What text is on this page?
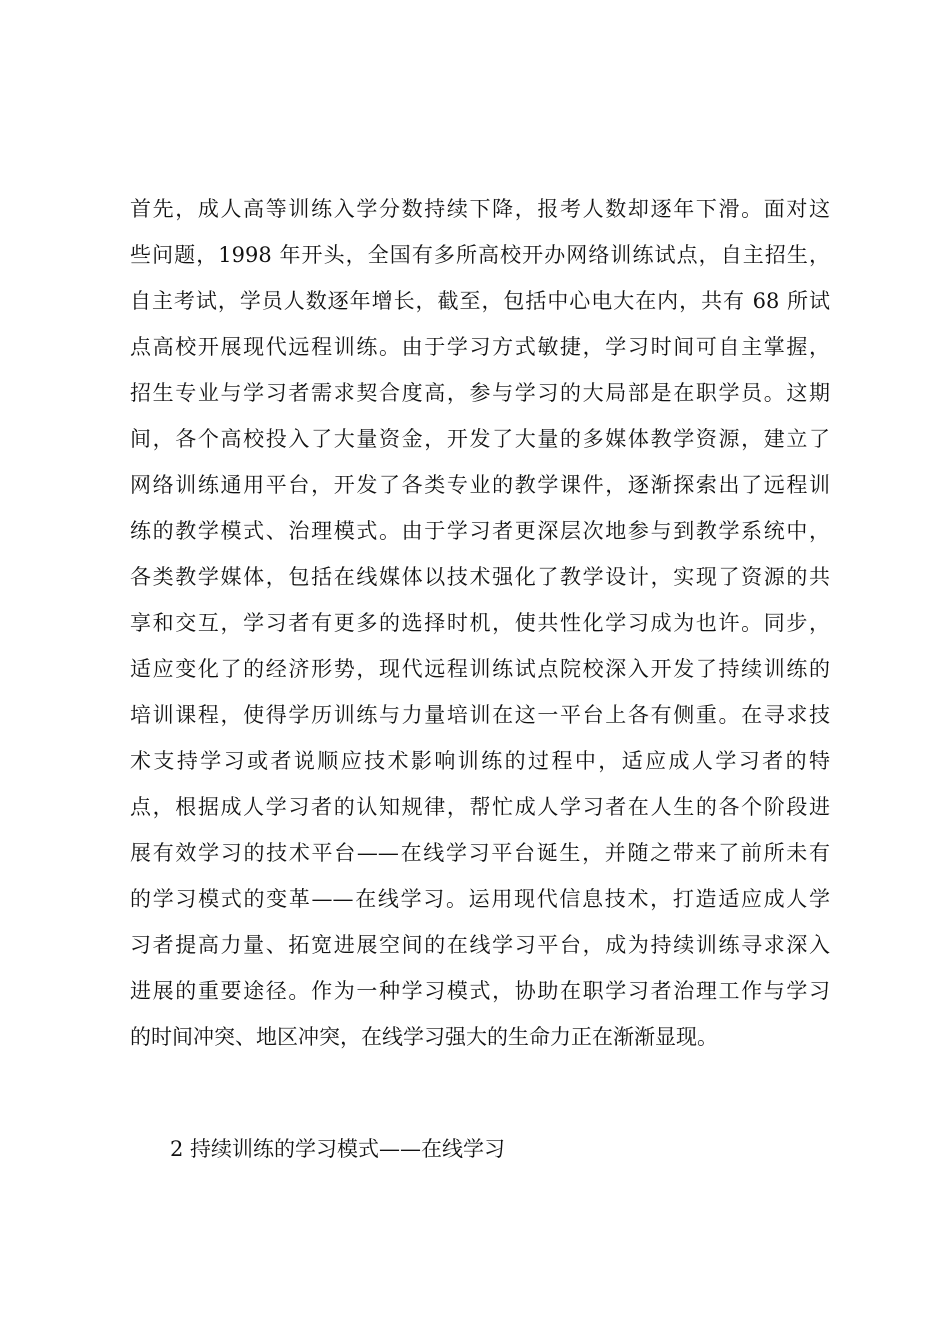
首先，成人高等训练入学分数持续下降，报考人数却逐年下滑。面对这
些问题，1998 年开头，全国有多所高校开办网络训练试点，自主招生，
自主考试，学员人数逐年增长，截至，包括中心电大在内，共有 68 所试
点高校开展现代远程训练。由于学习方式敏捷，学习时间可自主掌握，
招生专业与学习者需求契合度高，参与学习的大局部是在职学员。这期
间，各个高校投入了大量资金，开发了大量的多媒体教学资源，建立了
网络训练通用平台，开发了各类专业的教学课件，逐渐探索出了远程训
练的教学模式、治理模式。由于学习者更深层次地参与到教学系统中，
各类教学媒体，包括在线媒体以技术强化了教学设计，实现了资源的共
享和交互，学习者有更多的选择时机，使共性化学习成为也许。同步，
适应变化了的经济形势，现代远程训练试点院校深入开发了持续训练的
培训课程，使得学历训练与力量培训在这一平台上各有侧重。在寻求技
术支持学习或者说顺应技术影响训练的过程中，适应成人学习者的特
点，根据成人学习者的认知规律，帮忙成人学习者在人生的各个阶段进
展有效学习的技术平台——在线学习平台诞生，并随之带来了前所未有
的学习模式的变革——在线学习。运用现代信息技术，打造适应成人学
习者提高力量、拓宽进展空间的在线学习平台，成为持续训练寻求深入
进展的重要途径。作为一种学习模式，协助在职学习者治理工作与学习
的时间冲突、地区冲突，在线学习强大的生命力正在渐渐显现。
2 持续训练的学习模式——在线学习
